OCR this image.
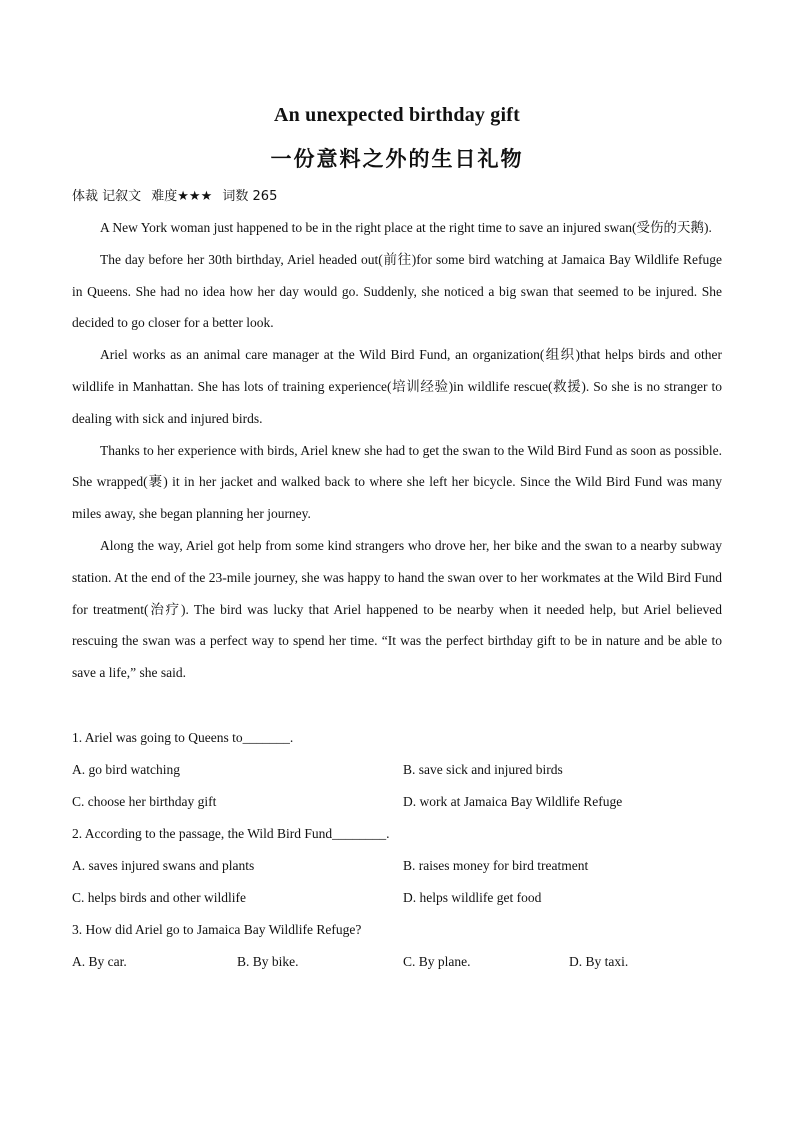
An unexpected birthday gift
一份意料之外的生日礼物
体裁 记叙文 难度★★★ 词数 265

A New York woman just happened to be in the right place at the right time to save an injured swan(受伤的天鹅).

The day before her 30th birthday, Ariel headed out(前往)for some bird watching at Jamaica Bay Wildlife Refuge in Queens. She had no idea how her day would go. Suddenly, she noticed a big swan that seemed to be injured. She decided to go closer for a better look.

Ariel works as an animal care manager at the Wild Bird Fund, an organization(组织)that helps birds and other wildlife in Manhattan. She has lots of training experience(培训经验)in wildlife rescue(救援). So she is no stranger to dealing with sick and injured birds.

Thanks to her experience with birds, Ariel knew she had to get the swan to the Wild Bird Fund as soon as possible. She wrapped(裹) it in her jacket and walked back to where she left her bicycle. Since the Wild Bird Fund was many miles away, she began planning her journey.

Along the way, Ariel got help from some kind strangers who drove her, her bike and the swan to a nearby subway station. At the end of the 23-mile journey, she was happy to hand the swan over to her workmates at the Wild Bird Fund for treatment(治疗). The bird was lucky that Ariel happened to be nearby when it needed help, but Ariel believed rescuing the swan was a perfect way to spend her time. “It was the perfect birthday gift to be in nature and be able to save a life,” she said.

1. Ariel was going to Queens to_______.
A. go bird watching	B. save sick and injured birds
C. choose her birthday gift	D. work at Jamaica Bay Wildlife Refuge
2. According to the passage, the Wild Bird Fund________.
A. saves injured swans and plants	B. raises money for bird treatment
C. helps birds and other wildlife	D. helps wildlife get food
3. How did Ariel go to Jamaica Bay Wildlife Refuge?
A. By car.	B. By bike.	C. By plane.	D. By taxi.
